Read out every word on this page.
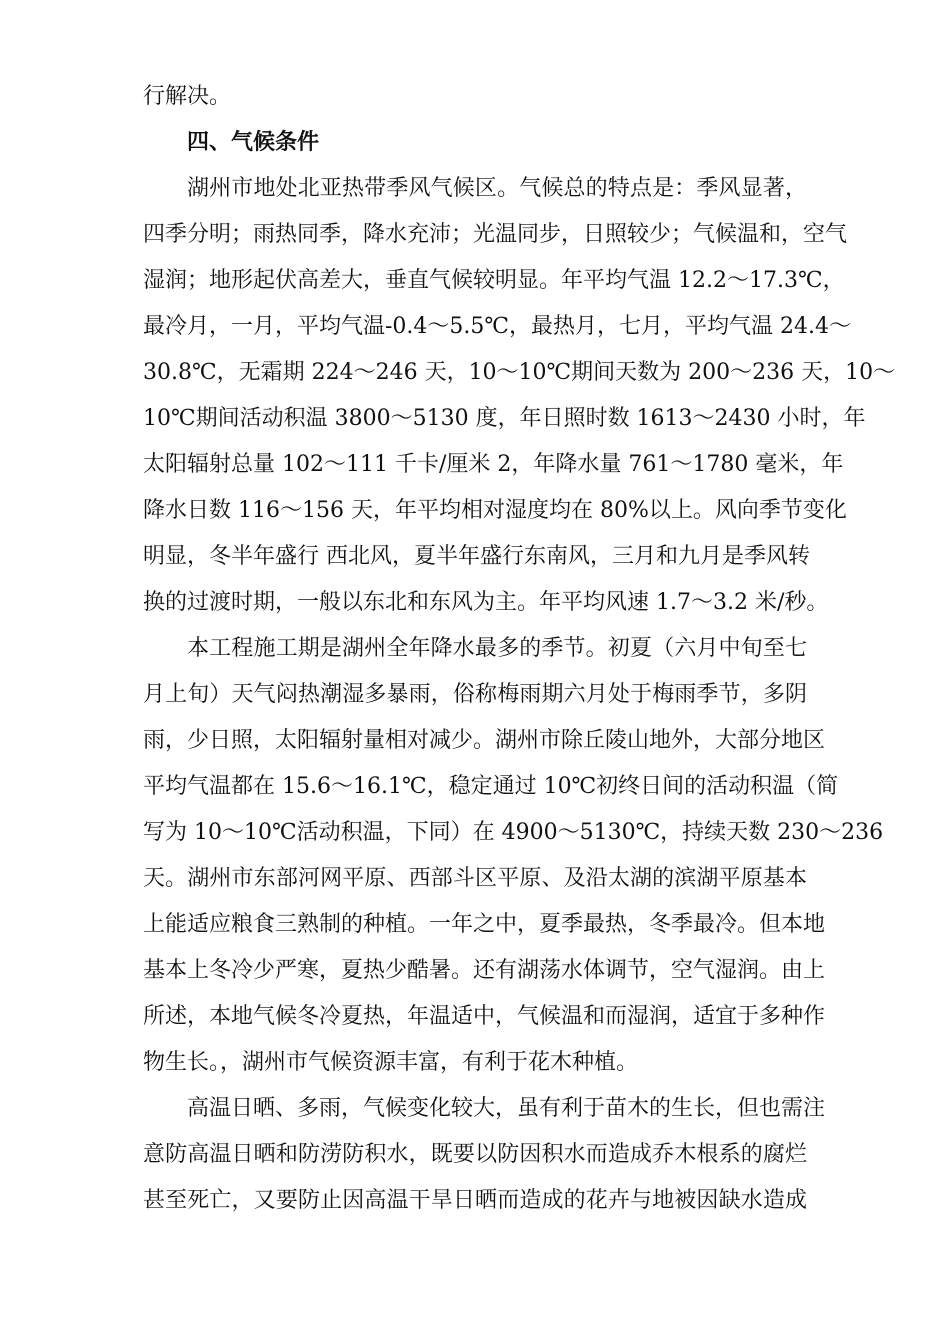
行解决。
四、气候条件
湖州市地处北亚热带季风气候区。气候总的特点是：季风显著，
四季分明；雨热同季，降水充沛；光温同步，日照较少；气候温和，空气
湿润；地形起伏高差大，垂直气候较明显。年平均气温 12.2～17.3℃，
最冷月，一月，平均气温-0.4～5.5℃，最热月，七月，平均气温 24.4～
30.8℃，无霜期 224～246 天，10～10℃期间天数为 200～236 天，10～
10℃期间活动积温 3800～5130 度，年日照时数 1613～2430 小时，年
太阳辐射总量 102～111 千卡/厘米 2，年降水量 761～1780 毫米，年
降水日数 116～156 天，年平均相对湿度均在 80%以上。风向季节变化
明显，冬半年盛行 西北风，夏半年盛行东南风，三月和九月是季风转
换的过渡时期，一般以东北和东风为主。年平均风速 1.7～3.2 米/秒。
本工程施工期是湖州全年降水最多的季节。初夏（六月中旬至七
月上旬）天气闷热潮湿多暴雨，俗称梅雨期六月处于梅雨季节，多阴
雨，少日照，太阳辐射量相对减少。湖州市除丘陵山地外，大部分地区
平均气温都在 15.6～16.1℃，稳定通过 10℃初终日间的活动积温（简
写为 10～10℃活动积温，下同）在 4900～5130℃，持续天数 230～236
天。湖州市东部河网平原、西部斗区平原、及沿太湖的滨湖平原基本
上能适应粮食三熟制的种植。一年之中，夏季最热，冬季最冷。但本地
基本上冬冷少严寒，夏热少酷暑。还有湖荡水体调节，空气湿润。由上
所述，本地气候冬冷夏热，年温适中，气候温和而湿润，适宜于多种作
物生长。，湖州市气候资源丰富，有利于花木种植。
高温日晒、多雨，气候变化较大，虽有利于苗木的生长，但也需注
意防高温日晒和防涝防积水，既要以防因积水而造成乔木根系的腐烂
甚至死亡，又要防止因高温干旱日晒而造成的花卉与地被因缺水造成
